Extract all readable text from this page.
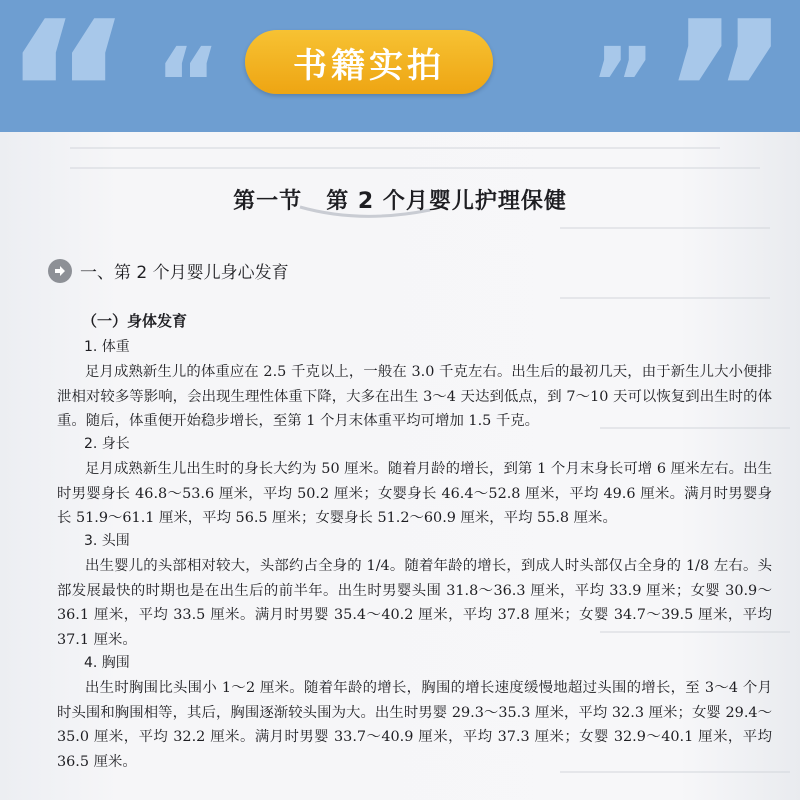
“ “	” ”
书籍实拍
第一节 第 2 个月婴儿护理保健
一、第 2 个月婴儿身心发育
（一）身体发育
1. 体重

足月成熟新生儿的体重应在 2.5 千克以上，一般在 3.0 千克左右。出生后的最初几天，由于新生儿大小便排泄相对较多等影响，会出现生理性体重下降，大多在出生 3～4 天达到低点，到 7～10 天可以恢复到出生时的体重。随后，体重便开始稳步增长，至第 1 个月末体重平均可增加 1.5 千克。

2. 身长

足月成熟新生儿出生时的身长大约为 50 厘米。随着月龄的增长，到第 1 个月末身长可增 6 厘米左右。出生时男婴身长 46.8～53.6 厘米，平均 50.2 厘米；女婴身长 46.4～52.8 厘米，平均 49.6 厘米。满月时男婴身长 51.9～61.1 厘米，平均 56.5 厘米；女婴身长 51.2～60.9 厘米，平均 55.8 厘米。

3. 头围

出生婴儿的头部相对较大，头部约占全身的 1/4。随着年龄的增长，到成人时头部仅占全身的 1/8 左右。头部发展最快的时期也是在出生后的前半年。出生时男婴头围 31.8～36.3 厘米，平均 33.9 厘米；女婴 30.9～36.1 厘米，平均 33.5 厘米。满月时男婴 35.4～40.2 厘米，平均 37.8 厘米；女婴 34.7～39.5 厘米，平均 37.1 厘米。

4. 胸围

出生时胸围比头围小 1～2 厘米。随着年龄的增长，胸围的增长速度缓慢地超过头围的增长，至 3～4 个月时头围和胸围相等，其后，胸围逐渐较头围为大。出生时男婴 29.3～35.3 厘米，平均 32.3 厘米；女婴 29.4～35.0 厘米，平均 32.2 厘米。满月时男婴 33.7～40.9 厘米，平均 37.3 厘米；女婴 32.9～40.1 厘米，平均 36.5 厘米。
